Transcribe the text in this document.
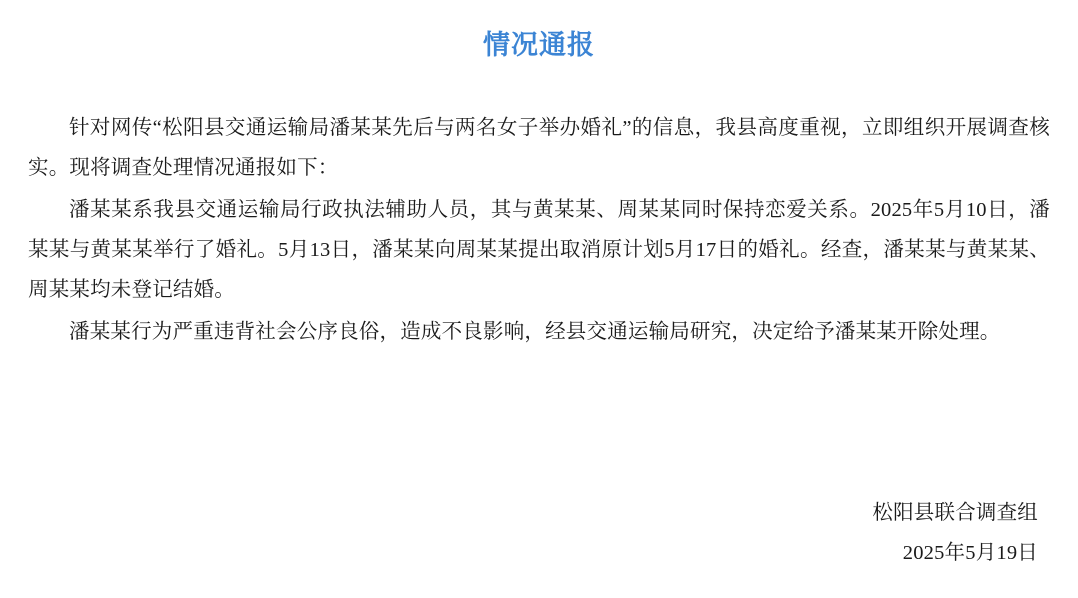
情况通报

针对网传“松阳县交通运输局潘某某先后与两名女子举办婚礼”的信息，我县高度重视，立即组织开展调查核实。现将调查处理情况通报如下：

潘某某系我县交通运输局行政执法辅助人员，其与黄某某、周某某同时保持恋爱关系。2025年5月10日，潘某某与黄某某举行了婚礼。5月13日，潘某某向周某某提出取消原计划5月17日的婚礼。经查，潘某某与黄某某、周某某均未登记结婚。

潘某某行为严重违背社会公序良俗，造成不良影响，经县交通运输局研究，决定给予潘某某开除处理。

松阳县联合调查组
2025年5月19日
